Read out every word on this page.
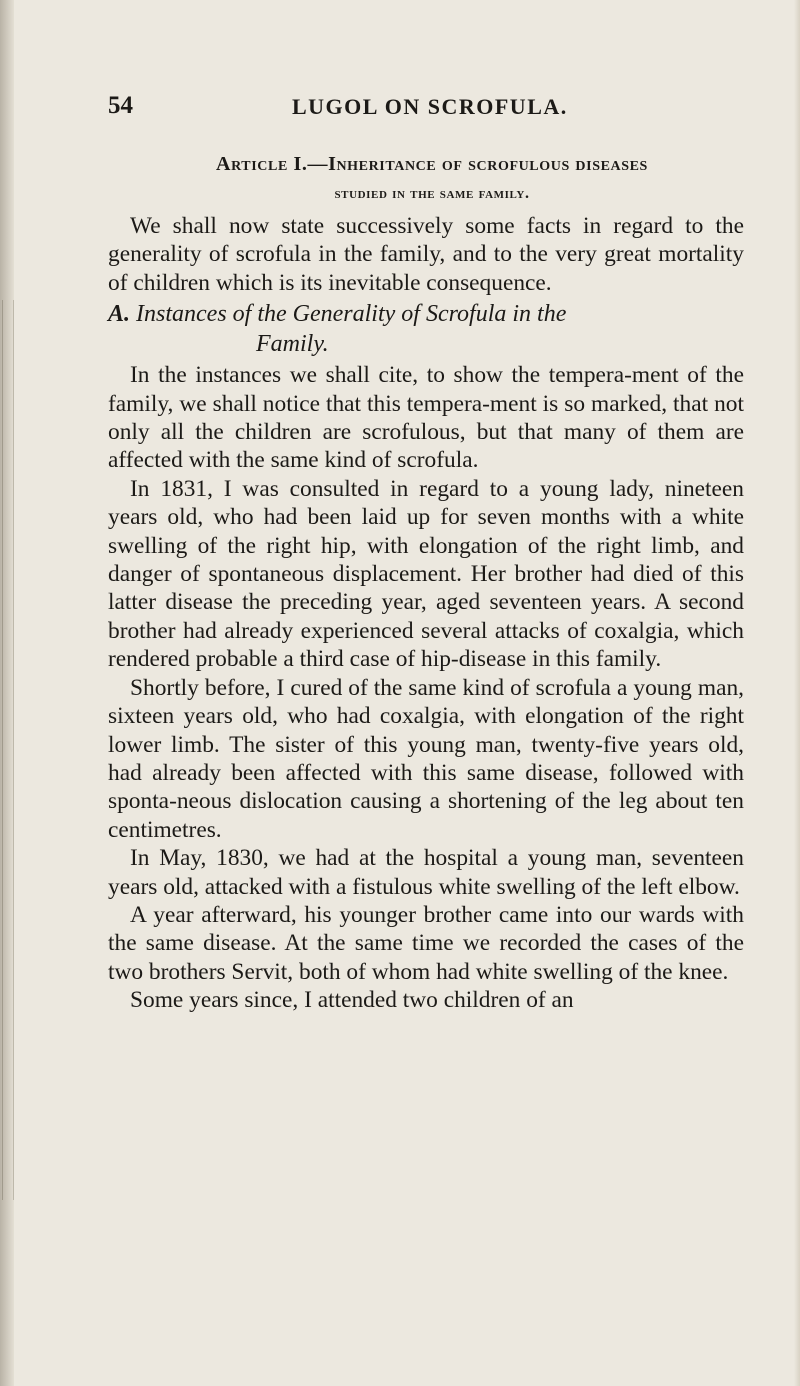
54	LUGOL ON SCROFULA.
Article I.—Inheritance of scrofulous diseases
studied in the same family.

We shall now state successively some facts in regard to the generality of scrofula in the family, and to the very great mortality of children which is its inevitable consequence.

A. Instances of the Generality of Scrofula in the
Family.

In the instances we shall cite, to show the tempera-ment of the family, we shall notice that this tempera-ment is so marked, that not only all the children are scrofulous, but that many of them are affected with the same kind of scrofula.

In 1831, I was consulted in regard to a young lady, nineteen years old, who had been laid up for seven months with a white swelling of the right hip, with elongation of the right limb, and danger of spontaneous displacement. Her brother had died of this latter disease the preceding year, aged seventeen years. A second brother had already experienced several attacks of coxalgia, which rendered probable a third case of hip-disease in this family.

Shortly before, I cured of the same kind of scrofula a young man, sixteen years old, who had coxalgia, with elongation of the right lower limb. The sister of this young man, twenty-five years old, had already been affected with this same disease, followed with sponta-neous dislocation causing a shortening of the leg about ten centimetres.

In May, 1830, we had at the hospital a young man, seventeen years old, attacked with a fistulous white swelling of the left elbow.

A year afterward, his younger brother came into our wards with the same disease. At the same time we recorded the cases of the two brothers Servit, both of whom had white swelling of the knee.

Some years since, I attended two children of an
